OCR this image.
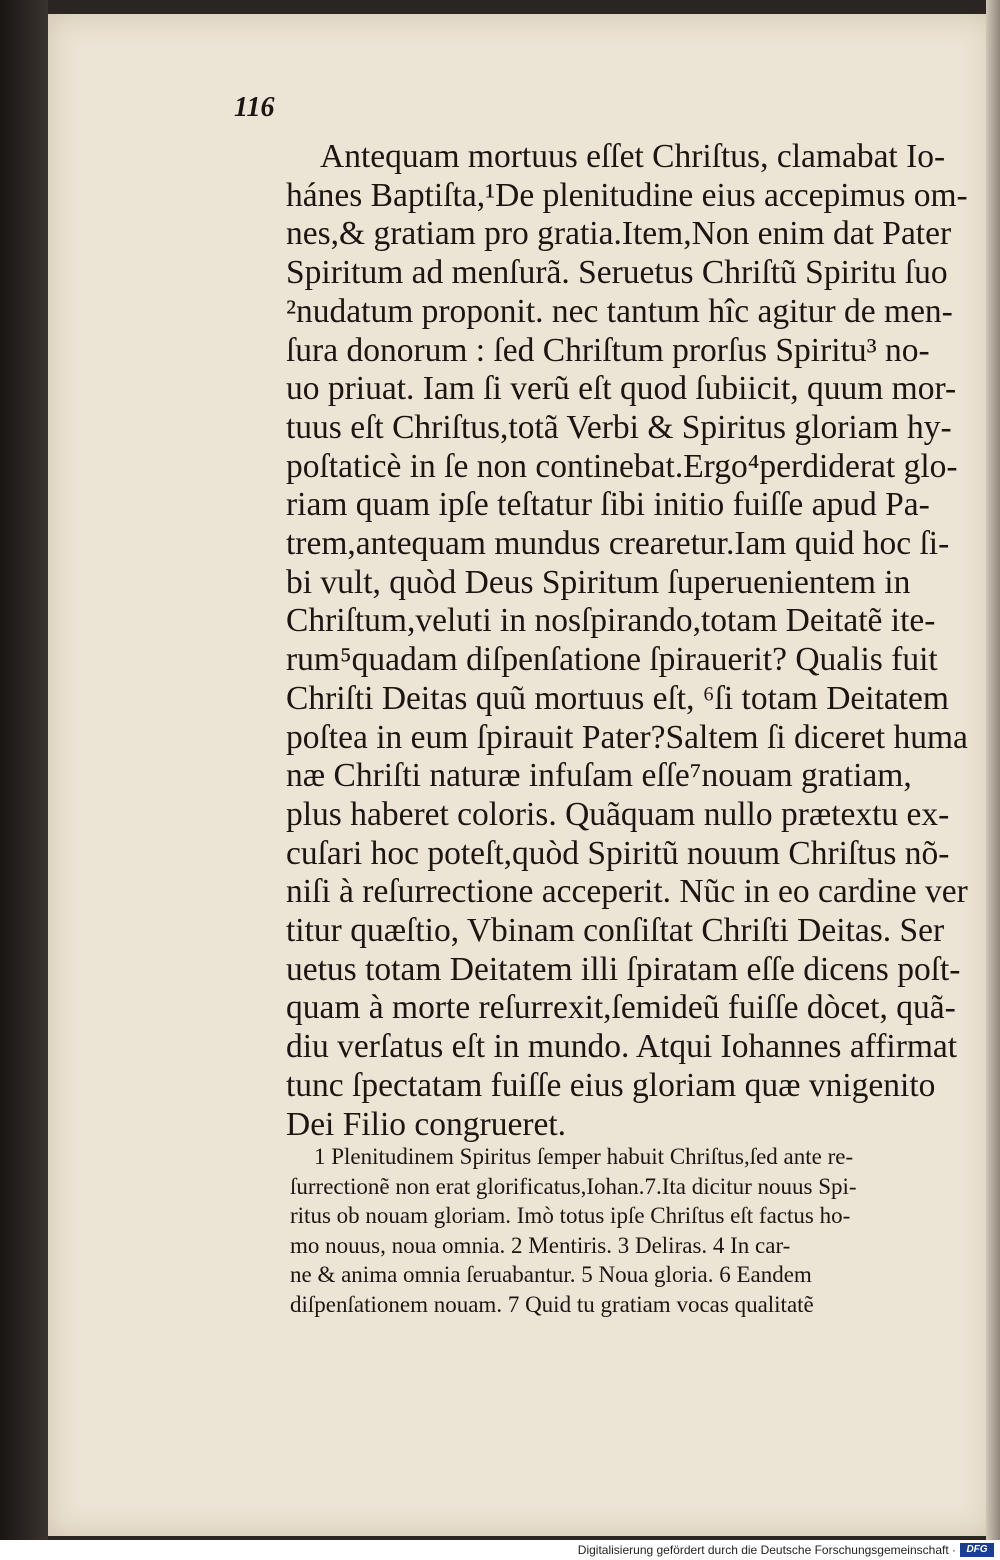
116
Antequam mortuus eſſet Chriſtus, clamabat Io-
hánes Baptiſta,¹De plenitudine eius accepimus om-
nes,& gratiam pro gratia.Item,Non enim dat Pater
Spiritum ad menſurã. Seruetus Chriſtũ Spiritu ſuo
²nudatum proponit. nec tantum hîc agitur de men-
ſura donorum : ſed Chriſtum prorſus Spiritu³ no-
uo priuat. Iam ſi verũ eſt quod ſubiicit, quum mor-
tuus eſt Chriſtus,totã Verbi & Spiritus gloriam hy-
poſtaticè in ſe non continebat.Ergo⁴perdiderat glo-
riam quam ipſe teſtatur ſibi initio fuiſſe apud Pa-
trem,antequam mundus crearetur.Iam quid hoc ſi-
bi vult, quòd Deus Spiritum ſuperuenientem in
Chriſtum,veluti in nosſpirando,totam Deitatẽ ite-
rum⁵quadam diſpenſatione ſpirauerit? Qualis fuit
Chriſti Deitas quũ mortuus eſt, ⁶ſi totam Deitatem
poſtea in eum ſpirauit Pater?Saltem ſi diceret huma
næ Chriſti naturæ infuſam eſſe⁷nouam gratiam,
plus haberet coloris. Quãquam nullo prætextu ex-
cuſari hoc poteſt,quòd Spiritũ nouum Chriſtus nõ-
niſi à reſurrectione acceperit. Nũc in eo cardine ver
titur quæſtio, Vbinam conſiſtat Chriſti Deitas. Ser
uetus totam Deitatem illi ſpiratam eſſe dicens poſt-
quam à morte reſurrexit,ſemideũ fuiſſe dòcet, quã-
diu verſatus eſt in mundo. Atqui Iohannes affirmat
tunc ſpectatam fuiſſe eius gloriam quæ vnigenito
Dei Filio congrueret.
1 Plenitudinem Spiritus ſemper habuit Chriſtus,ſed ante re-
ſurrectionẽ non erat glorificatus,Iohan.7.Ita dicitur nouus Spi-
ritus ob nouam gloriam. Imò totus ipſe Chriſtus eſt factus ho-
mo nouus, noua omnia. 2 Mentiris. 3 Deliras. 4 In car-
ne & anima omnia ſeruabantur. 5 Noua gloria. 6 Eandem
diſpenſationem nouam. 7 Quid tu gratiam vocas qualitatẽ
Digitalisierung gefördert durch die Deutsche Forschungsgemeinschaft ·	DFG
